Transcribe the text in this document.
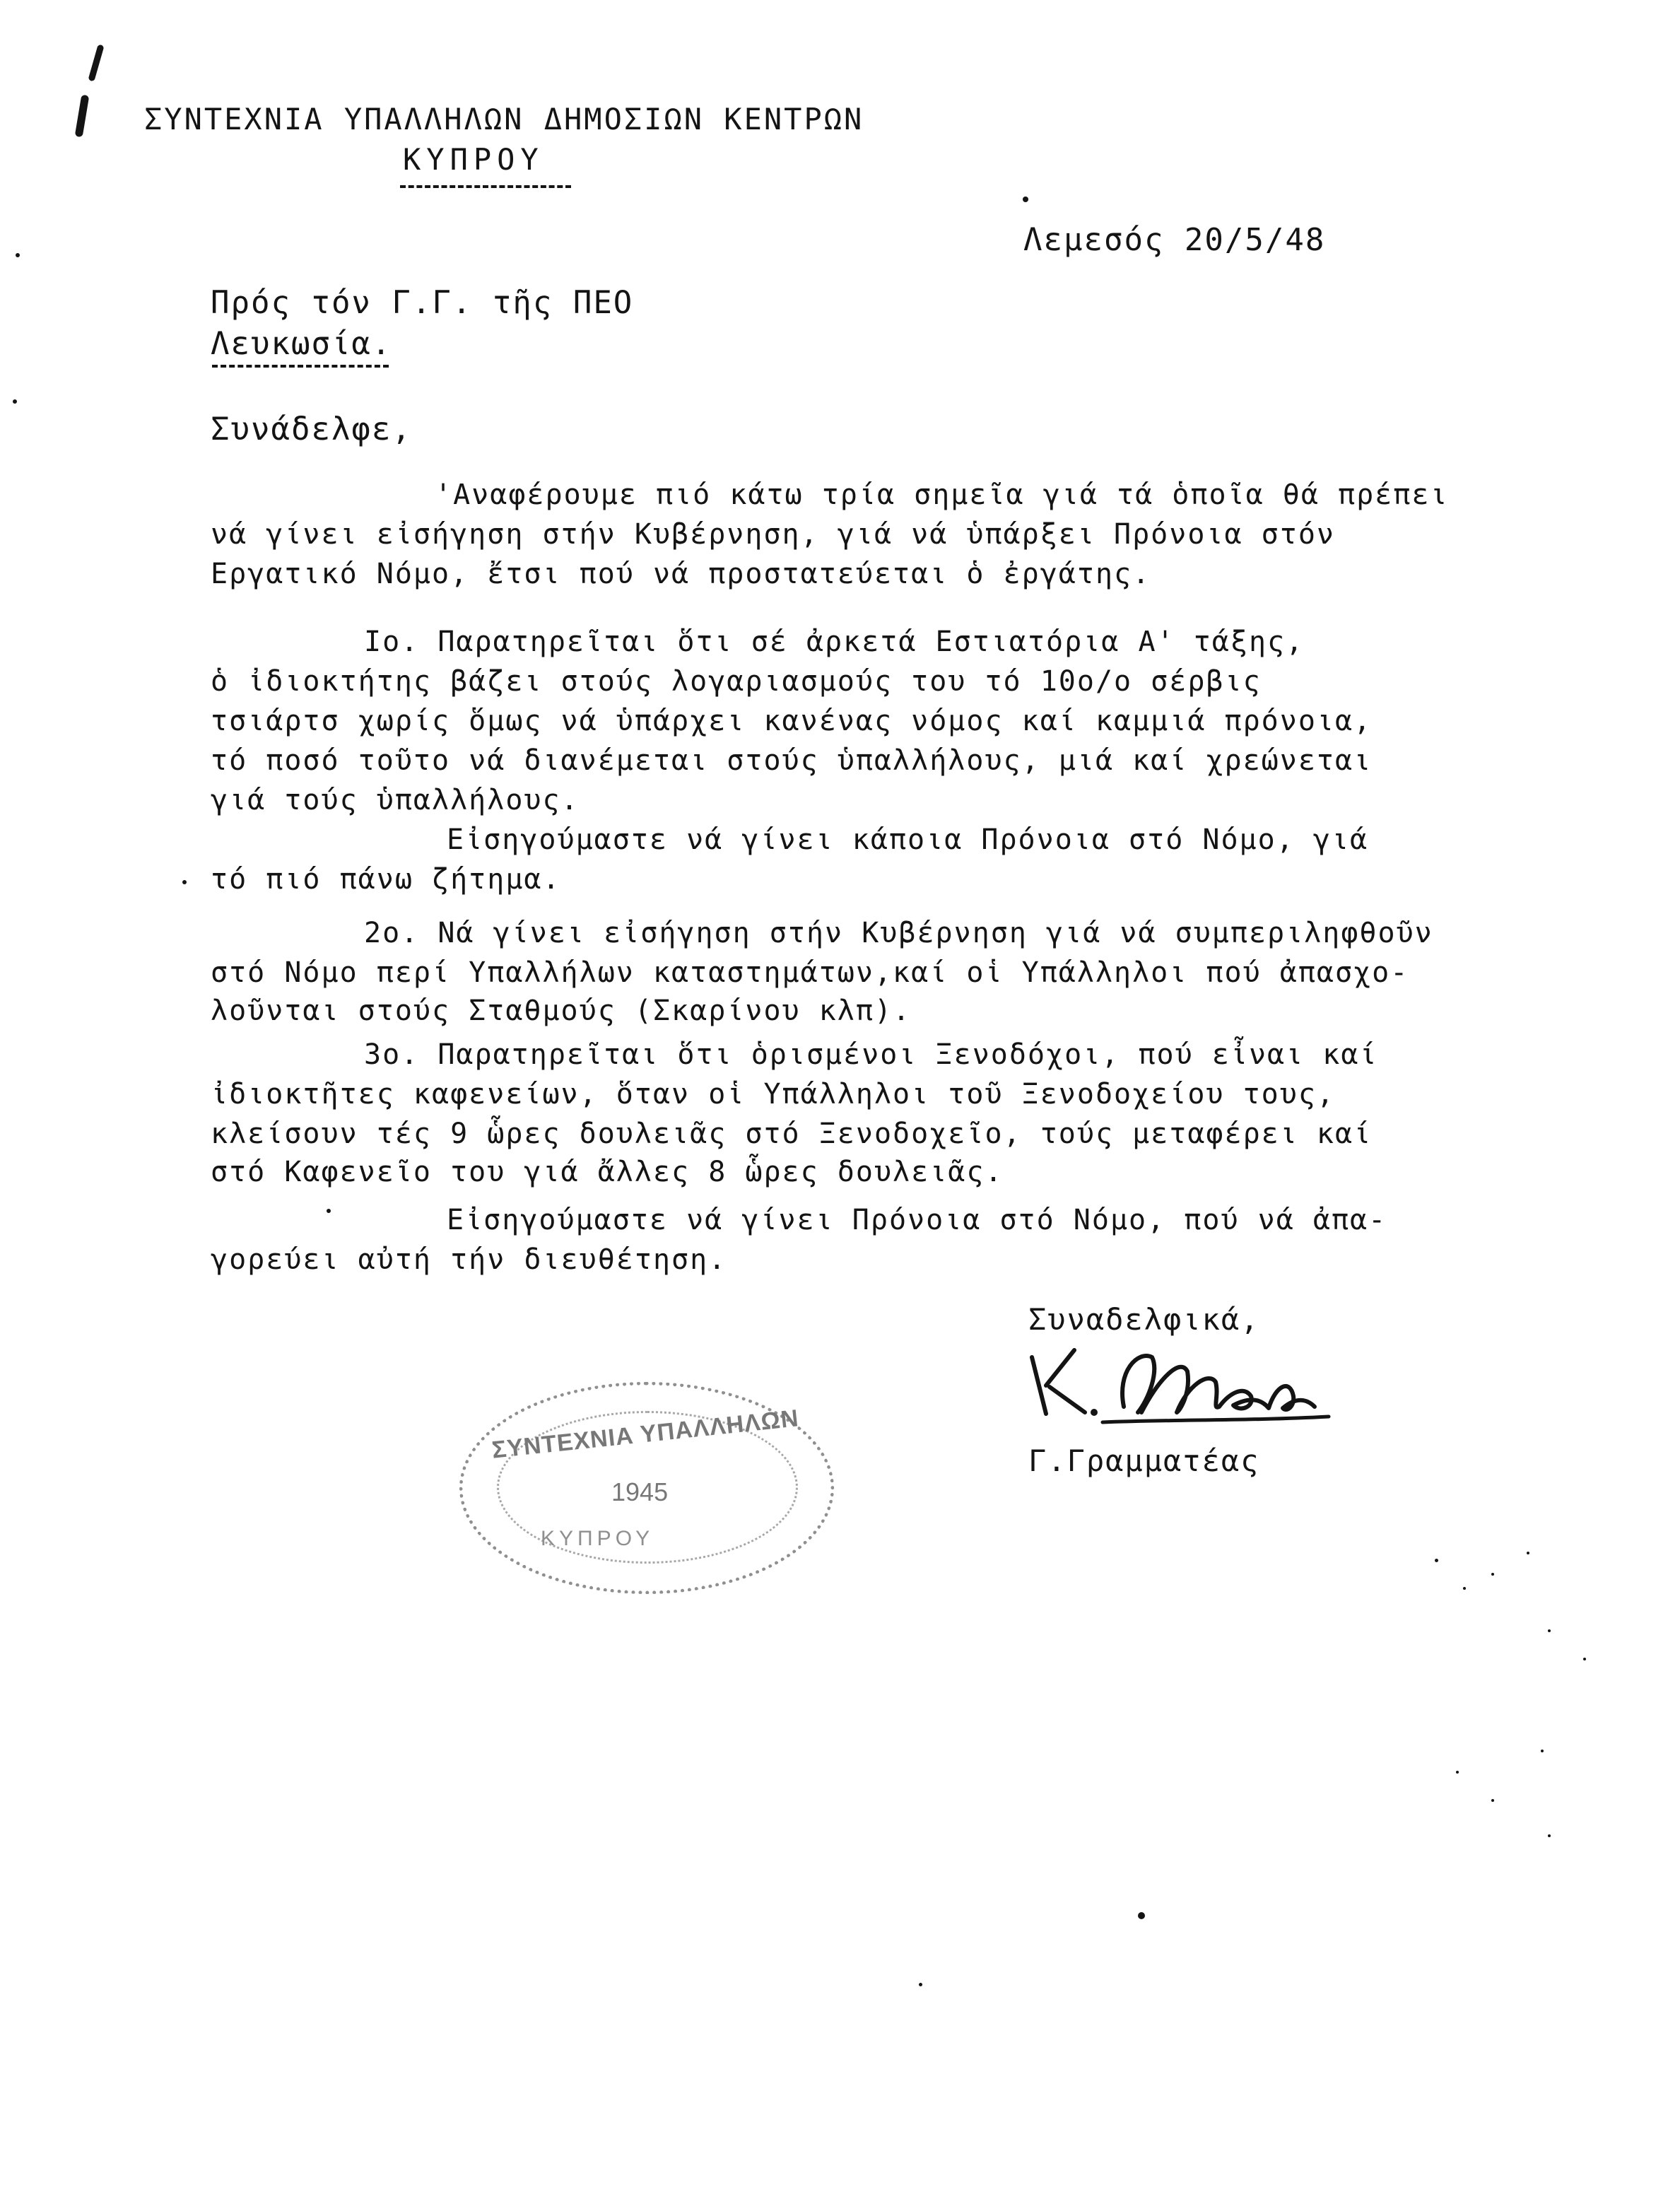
ΣΥΝΤΕΧΝΙΑ ΥΠΑΛΛΗΛΩΝ ΔΗΜΟΣΙΩΝ ΚΕΝΤΡΩΝ
ΚΥΠΡΟΥ
Λεμεσός 20/5/48
Πρός τόν Γ.Γ. τῆς ΠΕΟ
Λευκωσία.
Συνάδελφε,
'Αναφέρουμε πιό κάτω τρία σημεῖα γιά τά ὁποῖα θά πρέπει
νά γίνει εἰσήγηση στήν Κυβέρνηση, γιά νά ὑπάρξει Πρόνοια στόν
Εργατικό Νόμο, ἔτσι πού νά προστατεύεται ὁ ἐργάτης.
Ιο. Παρατηρεῖται ὅτι σέ ἀρκετά Εστιατόρια Α' τάξης,
ὁ ἰδιοκτήτης βάζει στούς λογαριασμούς του τό 10ο/ο σέρβις
τσιάρτσ χωρίς ὅμως νά ὑπάρχει κανένας νόμος καί καμμιά πρόνοια,
τό ποσό τοῦτο νά διανέμεται στούς ὑπαλλήλους, μιά καί χρεώνεται
γιά τούς ὑπαλλήλους.
Εἰσηγούμαστε νά γίνει κάποια Πρόνοια στό Νόμο, γιά
τό πιό πάνω ζήτημα.
2ο. Νά γίνει εἰσήγηση στήν Κυβέρνηση γιά νά συμπεριληφθοῦν
στό Νόμο περί Υπαλλήλων καταστημάτων,καί οἱ Υπάλληλοι πού ἀπασχο-
λοῦνται στούς Σταθμούς (Σκαρίνου κλπ).
3ο. Παρατηρεῖται ὅτι ὁρισμένοι Ξενοδόχοι, πού εἶναι καί
ἰδιοκτῆτες καφενείων, ὅταν οἱ Υπάλληλοι τοῦ Ξενοδοχείου τους,
κλείσουν τές 9 ὧρες δουλειᾶς στό Ξενοδοχεῖο, τούς μεταφέρει καί
στό Καφενεῖο του γιά ἄλλες 8 ὧρες δουλειᾶς.
Εἰσηγούμαστε νά γίνει Πρόνοια στό Νόμο, πού νά ἀπα-
γορεύει αὐτή τήν διευθέτηση.
Συναδελφικά,
Γ.Γραμματέας
ΣΥΝΤΕΧΝΙΑ ΥΠΑΛΛΗΛΩΝ
1945
ΚΥΠΡΟΥ
